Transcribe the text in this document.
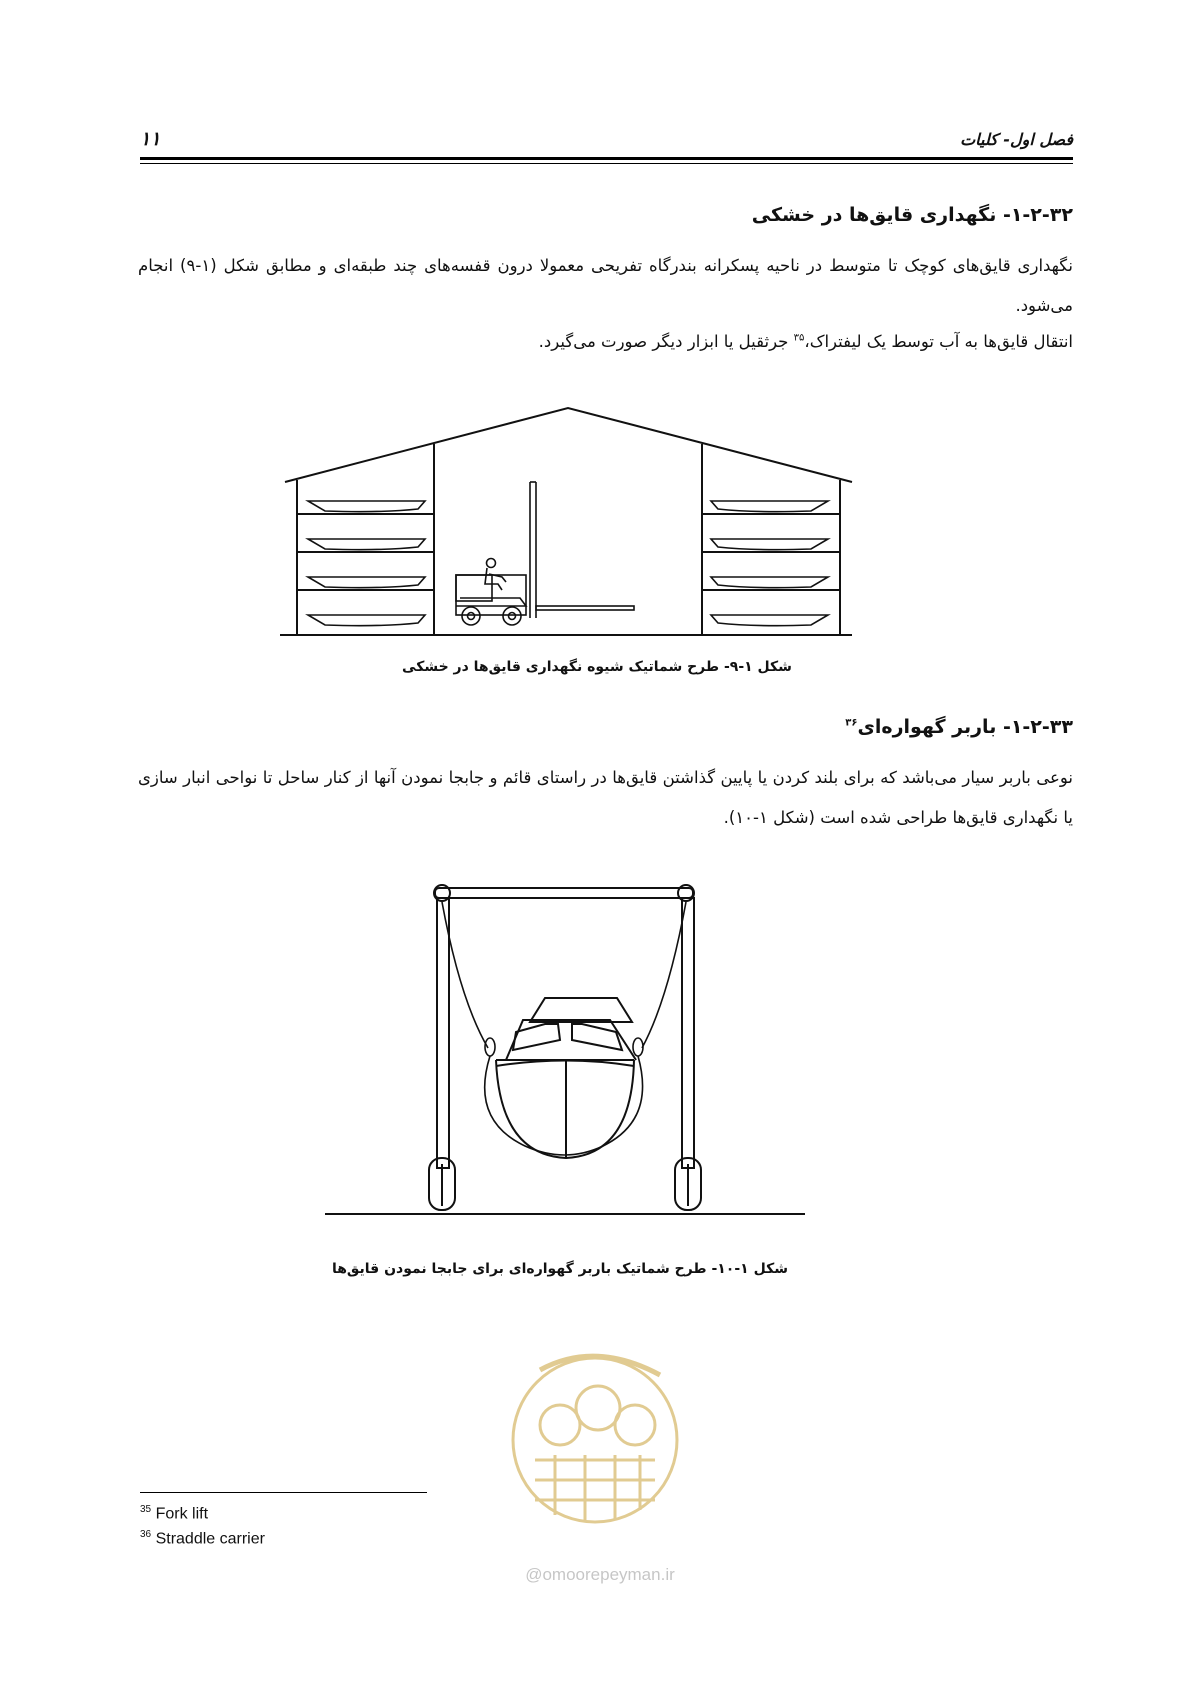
۱۱	فصل اول- کلیات
۱-۲-۳۲- نگهداری قایق‌ها در خشکی
نگهداری قایق‌های کوچک تا متوسط در ناحیه پسکرانه بندرگاه تفریحی معمولا درون قفسه‌های چند طبقه‌ای و مطابق شکل (۱-۹) انجام می‌شود.
انتقال قایق‌ها به آب توسط یک لیفتراک،$^{۳۵}$ جرثقیل یا ابزار دیگر صورت می‌گیرد.
شکل ۱-۹- طرح شماتیک شیوه نگهداری قایق‌ها در خشکی
۱-۲-۳۳- باربر گهواره‌ای$^{۳۶}$
نوعی باربر سیار می‌باشد که برای بلند کردن یا پایین گذاشتن قایق‌ها در راستای قائم و جابجا نمودن آنها از کنار ساحل تا نواحی انبار سازی یا نگهداری قایق‌ها طراحی شده است (شکل ۱-۱۰).
شکل ۱-۱۰- طرح شماتیک باربر گهواره‌ای برای جابجا نمودن قایق‌ها
@omoorepeyman.ir
$^{35}$ Fork lift
$^{36}$ Straddle carrier
